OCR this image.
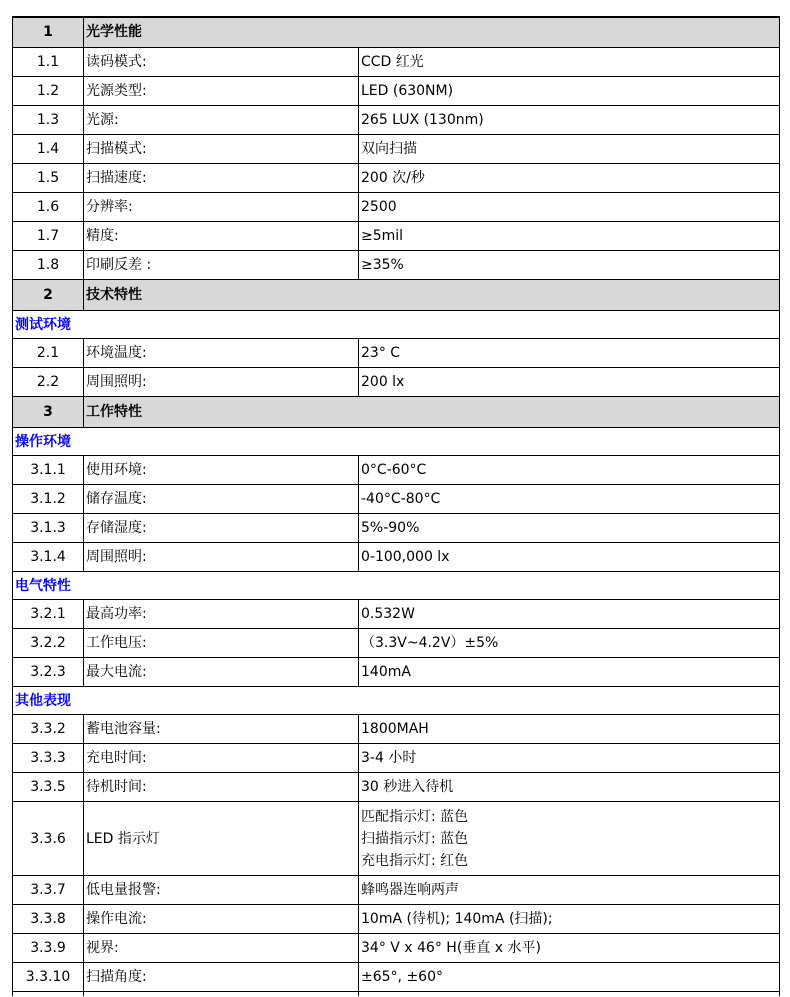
1	光学性能	
1.1	读码模式:	CCD 红光
1.2	光源类型:	LED (630NM)
1.3	光源:	265 LUX (130nm)
1.4	扫描模式:	双向扫描
1.5	扫描速度:	200 次/秒
1.6	分辨率:	2500
1.7	精度:	≥5mil
1.8	印刷反差 :	≥35%
2	技术特性	
测试环境		
2.1	环境温度:	23° C
2.2	周围照明:	200 lx
3	工作特性	
操作环境		
3.1.1	使用环境:	0°C-60°C
3.1.2	储存温度:	-40°C-80°C
3.1.3	存储湿度:	5%-90%
3.1.4	周围照明:	0-100,000 lx
电气特性		
3.2.1	最高功率:	0.532W
3.2.2	工作电压:	（3.3V~4.2V）±5%
3.2.3	最大电流:	140mA
其他表现		
3.3.2	蓄电池容量:	1800MAH
3.3.3	充电时间:	3-4 小时
3.3.5	待机时间:	30 秒进入待机
3.3.6	LED 指示灯	匹配指示灯: 蓝色
扫描指示灯: 蓝色
充电指示灯: 红色

3.3.7	低电量报警:	蜂鸣器连响两声
3.3.8	操作电流:	10mA (待机); 140mA (扫描);
3.3.9	视界:	34° V x 46° H(垂直 x 水平)
3.3.10	扫描角度:	±65°, ±60°
